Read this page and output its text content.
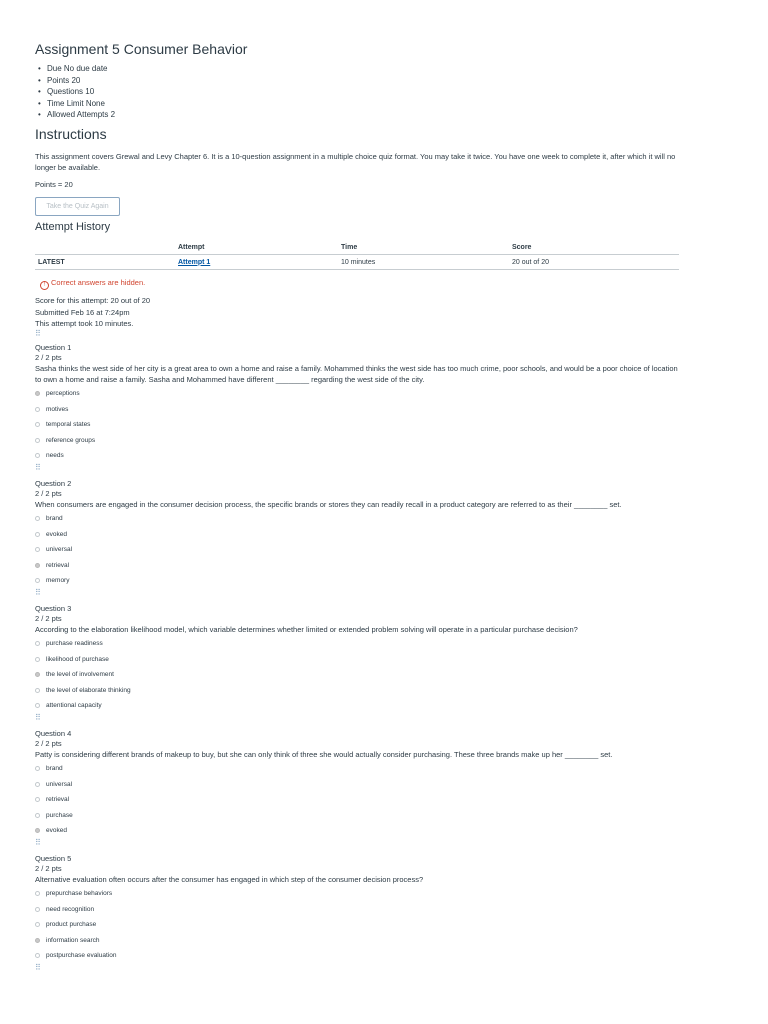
Assignment 5 Consumer Behavior
• Due No due date
• Points 20
• Questions 10
• Time Limit None
• Allowed Attempts 2
Instructions
This assignment covers Grewal and Levy Chapter 6. It is a 10-question assignment in a multiple choice quiz format. You may take it twice. You have one week to complete it, after which it will no longer be available.
Points = 20
Take the Quiz Again
Attempt History
	Attempt	Time	Score
LATEST	Attempt 1	10 minutes	20 out of 20
! Correct answers are hidden.
Score for this attempt: 20 out of 20
Submitted Feb 16 at 7:24pm
This attempt took 10 minutes.
⠿
Question 1
2 / 2 pts
Sasha thinks the west side of her city is a great area to own a home and raise a family. Mohammed thinks the west side has too much crime, poor schools, and would be a poor choice of location to own a home and raise a family. Sasha and Mohammed have different ________ regarding the west side of the city.
perceptions
motives
temporal states
reference groups
needs
⠿
Question 2
2 / 2 pts
When consumers are engaged in the consumer decision process, the specific brands or stores they can readily recall in a product category are referred to as their ________ set.
brand
evoked
universal
retrieval
memory
⠿
Question 3
2 / 2 pts
According to the elaboration likelihood model, which variable determines whether limited or extended problem solving will operate in a particular purchase decision?
purchase readiness
likelihood of purchase
the level of involvement
the level of elaborate thinking
attentional capacity
⠿
Question 4
2 / 2 pts
Patty is considering different brands of makeup to buy, but she can only think of three she would actually consider purchasing. These three brands make up her ________ set.
brand
universal
retrieval
purchase
evoked
⠿
Question 5
2 / 2 pts
Alternative evaluation often occurs after the consumer has engaged in which step of the consumer decision process?
prepurchase behaviors
need recognition
product purchase
information search
postpurchase evaluation
⠿
